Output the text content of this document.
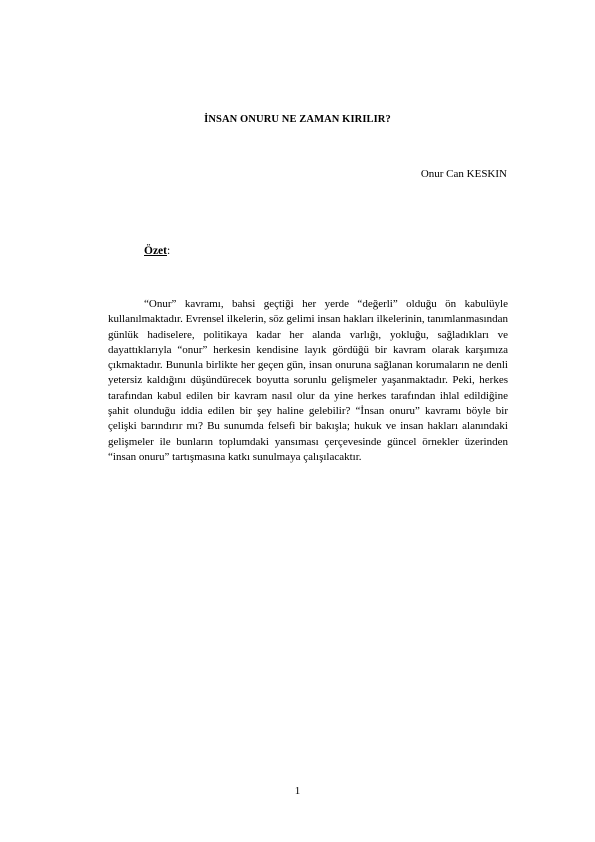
İNSAN ONURU NE ZAMAN KIRILIR?
Onur Can KESKIN
Özet:

“Onur” kavramı, bahsi geçtiği her yerde “değerli” olduğu ön kabulüyle kullanılmaktadır. Evrensel ilkelerin, söz gelimi insan hakları ilkelerinin, tanımlanmasından günlük hadiselere, politikaya kadar her alanda varlığı, yokluğu, sağladıkları ve dayattıklarıyla “onur” herkesin kendisine layık gördüğü bir kavram olarak karşımıza çıkmaktadır. Bununla birlikte her geçen gün, insan onuruna sağlanan korumaların ne denli yetersiz kaldığını düşündürecek boyutta sorunlu gelişmeler yaşanmaktadır. Peki, herkes tarafından kabul edilen bir kavram nasıl olur da yine herkes tarafından ihlal edildiğine şahit olunduğu iddia edilen bir şey haline gelebilir? “İnsan onuru” kavramı böyle bir çelişki barındırır mı? Bu sunumda felsefi bir bakışla; hukuk ve insan hakları alanındaki gelişmeler ile bunların toplumdaki yansıması çerçevesinde güncel örnekler üzerinden “insan onuru” tartışmasına katkı sunulmaya çalışılacaktır.

1
